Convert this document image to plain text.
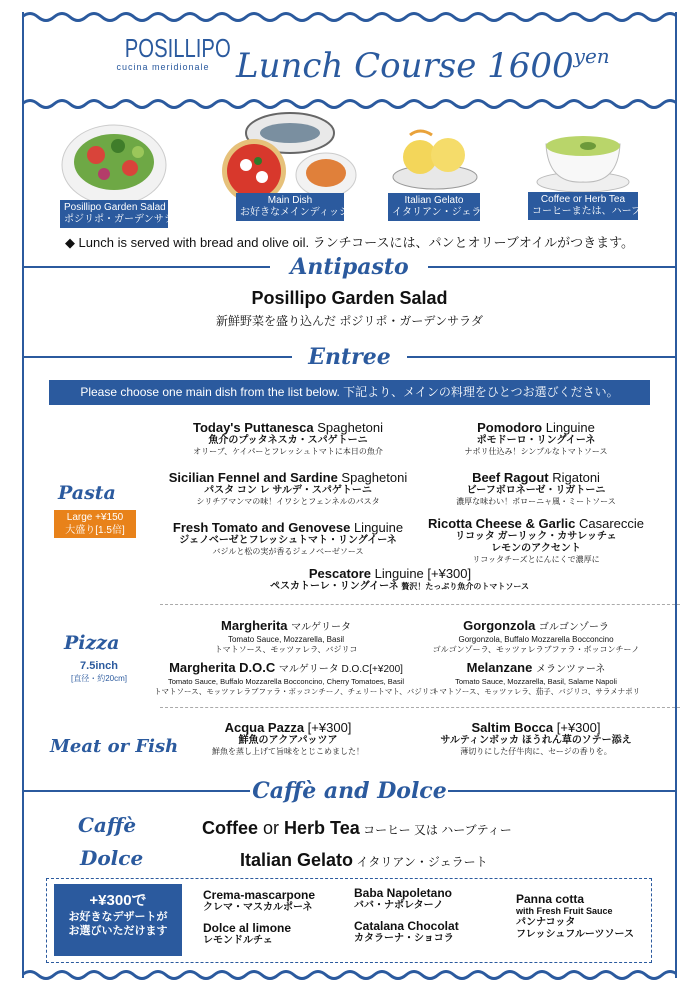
POSILLIPO
cucina meridionale Lunch Course $1600^{yen}$
Posillipo Garden Salad
ポジリポ・ガーデンサラダ
Main Dish
お好きなメインディッシュ
Italian Gelato
イタリアン・ジェラート
Coffee or Herb Tea
コーヒーまたは、ハーブティー
◆ Lunch is served with bread and olive oil. ランチコースには、パンとオリーブオイルがつきます。
Antipasto
Posillipo Garden Salad
新鮮野菜を盛り込んだ ポジリポ・ガーデンサラダ
Entree
Please choose one main dish from the list below. 下記より、メインの料理をひとつお選びください。
Pasta
Large +¥150
大盛り[1.5倍]
Today's Puttanesca Spaghetoni
魚介のプッタネスカ・スパゲトーニ
オリーブ、ケイパーとフレッシュトマトに本日の魚介
Pomodoro Linguine
ポモドーロ・リングイーネ
ナポリ仕込み！シンプルなトマトソース
Sicilian Fennel and Sardine Spaghetoni
パスタ コン レ サルデ・スパゲトーニ
シリチアマンマの味！イワシとフェンネルのパスタ
Beef Ragout Rigatoni
ビーフボロネーゼ・リガトーニ
濃厚な味わい！ボローニャ風・ミートソース
Fresh Tomato and Genovese Linguine
ジェノベーゼとフレッシュトマト・リングイーネ
バジルと松の実が香るジェノベーゼソース
Ricotta Cheese & Garlic Casareccie
リコッタ ガーリック・カサレッチェ
レモンのアクセント
リコッタチーズとにんにくで濃厚に
Pescatore Linguine [+¥300]
ペスカトーレ・リングイーネ 贅沢！たっぷり魚介のトマトソース
Pizza
7.5inch
[直径・約20cm]
Margherita マルゲリータ
Tomato Sauce, Mozzarella, Basil
トマトソース、モッツァレラ、バジリコ
Gorgonzola ゴルゴンゾーラ
Gorgonzola, Buffalo Mozzarella Bocconcino
ゴルゴンゾーラ、モッツァレラブファラ・ボッコンチーノ
Margherita D.O.C マルゲリータ D.O.C[+¥200]
Tomato Sauce, Buffalo Mozzarella Bocconcino, Cherry Tomatoes, Basil
トマトソース、モッツァレラブファラ・ボッコンチーノ、チェリートマト、バジリコ
Melanzane メランツァーネ
Tomato Sauce, Mozzarella, Basil, Salame Napoli
トマトソース、モッツァレラ、茄子、バジリコ、サラメナポリ
Meat or Fish
Acqua Pazza [+¥300]
鮮魚のアクアパッツア
鮮魚を蒸し上げて旨味をとじこめました！
Saltim Bocca [+¥300]
サルティンボッカ ほうれん草のソテー添え
薄切りにした仔牛肉に、セージの香りを。
Caffè and Dolce
Caffè	Coffee or Herb Tea コーヒー 又は ハーブティー
Dolce	Italian Gelato イタリアン・ジェラート
+¥300で
お好きなデザートが
お選びいただけます
Crema-mascarpone
クレマ・マスカルポーネ
Dolce al limone
レモンドルチェ
Baba Napoletano
ババ・ナポレターノ
Catalana Chocolat
カタラーナ・ショコラ
Panna cotta
with Fresh Fruit Sauce
パンナコッタ
フレッシュフルーツソース
